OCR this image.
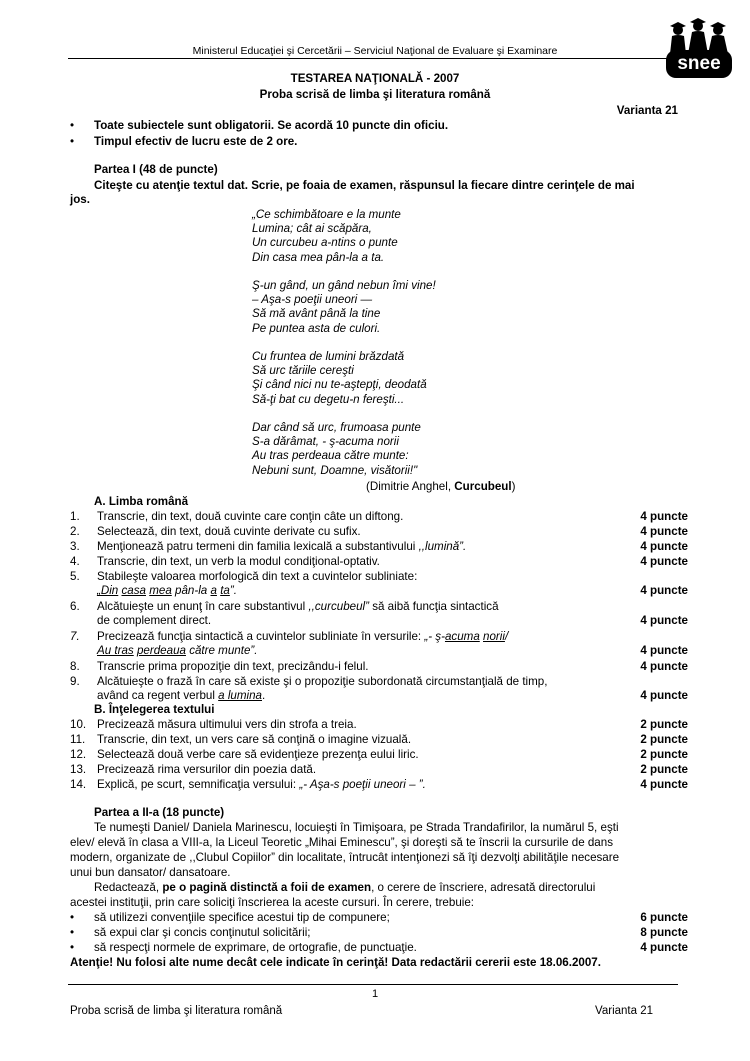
Ministerul Educaţiei şi Cercetării – Serviciul Naţional de Evaluare şi Examinare
snee
TESTAREA NAŢIONALĂ - 2007
Proba scrisă de limba şi literatura română
Varianta 21
• Toate subiectele sunt obligatorii. Se acordă 10 puncte din oficiu.
• Timpul efectiv de lucru este de 2 ore.
Partea I (48 de puncte)
Citeşte cu atenţie textul dat. Scrie, pe foaia de examen, răspunsul la fiecare dintre cerinţele de mai
jos.
„Ce schimbătoare e la munte
Lumina; cât ai scăpăra,
Un curcubeu a-ntins o punte
Din casa mea pân-la a ta.
Ş-un gând, un gând nebun îmi vine!
– Aşa-s poeţii uneori —
Să mă avânt până la tine
Pe puntea asta de culori.
Cu fruntea de lumini brăzdată
Să urc tăriile cereşti
Şi când nici nu te-aştepţi, deodată
Să-ţi bat cu degetu-n fereşti...
Dar când să urc, frumoasa punte
S-a dărâmat, - ş-acuma norii
Au tras perdeaua către munte:
Nebuni sunt, Doamne, visătorii!"
(Dimitrie Anghel, Curcubeul)
A. Limba română
1. Transcrie, din text, două cuvinte care conţin câte un diftong.	4 puncte
2. Selectează, din text, două cuvinte derivate cu sufix.	4 puncte
3. Menţionează patru termeni din familia lexicală a substantivului ,,lumină”.	4 puncte
4. Transcrie, din text, un verb la modul condiţional-optativ.	4 puncte
5. Stabileşte valoarea morfologică din text a cuvintelor subliniate:
„Din casa mea pân-la a ta”.	4 puncte
6. Alcătuieşte un enunţ în care substantivul ,,curcubeul” să aibă funcţia sintactică
de complement direct.	4 puncte
7. Precizează funcţia sintactică a cuvintelor subliniate în versurile: „- ş-acuma norii/
Au tras perdeaua către munte”.	4 puncte
8. Transcrie prima propoziţie din text, precizându-i felul.	4 puncte
9. Alcătuieşte o frază în care să existe şi o propoziţie subordonată circumstanţială de timp,
având ca regent verbul a lumina.	4 puncte
B. Înţelegerea textului
10. Precizează măsura ultimului vers din strofa a treia.	2 puncte
11. Transcrie, din text, un vers care să conţină o imagine vizuală.	2 puncte
12. Selectează două verbe care să evidenţieze prezenţa eului liric.	2 puncte
13. Precizează rima versurilor din poezia dată.	2 puncte
14. Explică, pe scurt, semnificaţia versului: „- Aşa-s poeţii uneori – ”.	4 puncte
Partea a II-a (18 puncte)
Te numeşti Daniel/ Daniela Marinescu, locuieşti în Timişoara, pe Strada Trandafirilor, la numărul 5, eşti
elev/ elevă în clasa a VIII-a, la Liceul Teoretic „Mihai Eminescu”, şi doreşti să te înscrii la cursurile de dans
modern, organizate de ,,Clubul Copiilor” din localitate, întrucât intenţionezi să îţi dezvolţi abilităţile necesare
unui bun dansator/ dansatoare.
Redactează, pe o pagină distinctă a foii de examen, o cerere de înscriere, adresată directorului
acestei instituţii, prin care soliciţi înscrierea la aceste cursuri. În cerere, trebuie:
• să utilizezi convenţiile specifice acestui tip de compunere;	6 puncte
• să expui clar şi concis conţinutul solicitării;	8 puncte
• să respecţi normele de exprimare, de ortografie, de punctuaţie.	4 puncte
Atenţie! Nu folosi alte nume decât cele indicate în cerinţă! Data redactării cererii este 18.06.2007.
1
Proba scrisă de limba şi literatura română	Varianta 21
